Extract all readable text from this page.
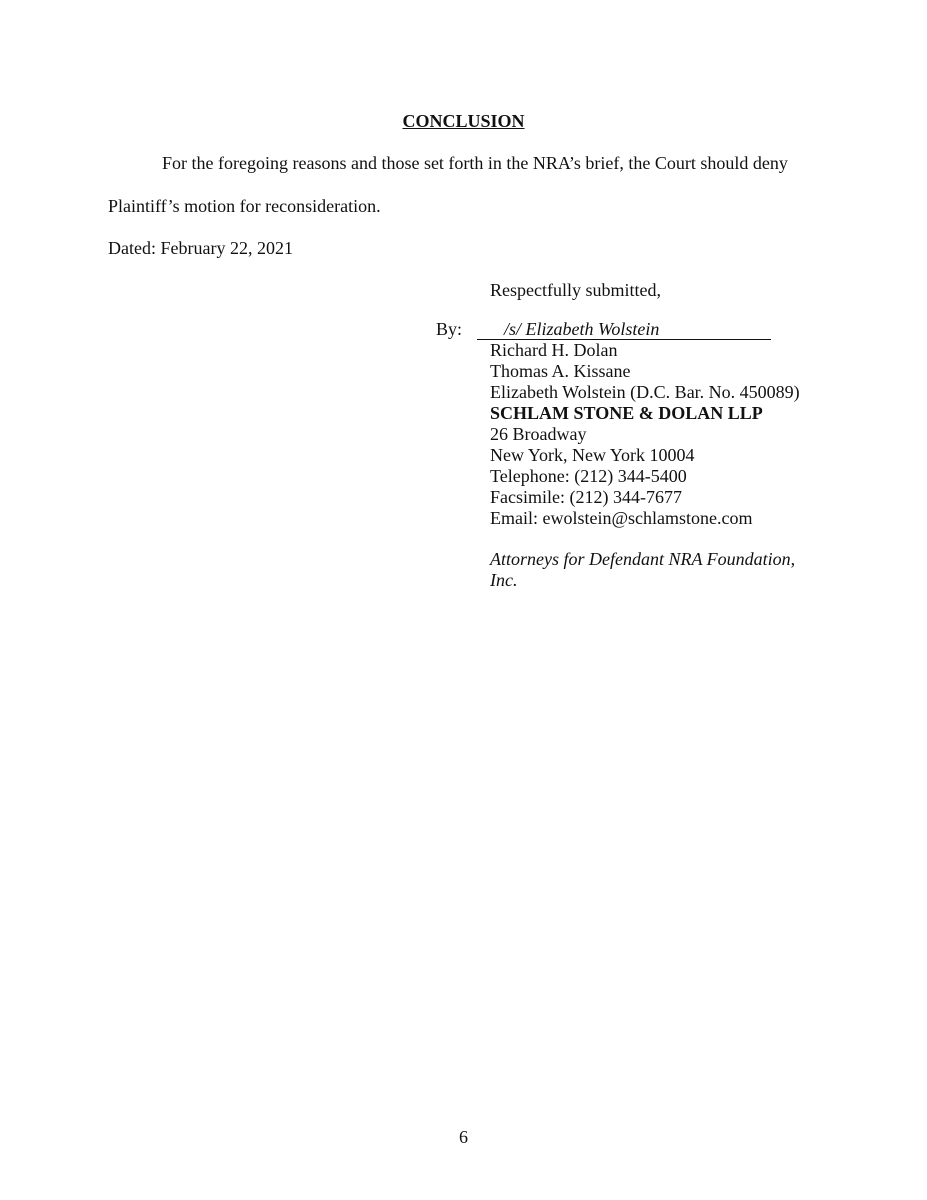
CONCLUSION
For the foregoing reasons and those set forth in the NRA’s brief, the Court should deny
Plaintiff’s motion for reconsideration.
Dated: February 22, 2021
Respectfully submitted,
By: /s/ Elizabeth Wolstein
Richard H. Dolan
Thomas A. Kissane
Elizabeth Wolstein (D.C. Bar. No. 450089)
SCHLAM STONE & DOLAN LLP
26 Broadway
New York, New York 10004
Telephone: (212) 344-5400
Facsimile: (212) 344-7677
Email: ewolstein@schlamstone.com
Attorneys for Defendant NRA Foundation, Inc.
6
